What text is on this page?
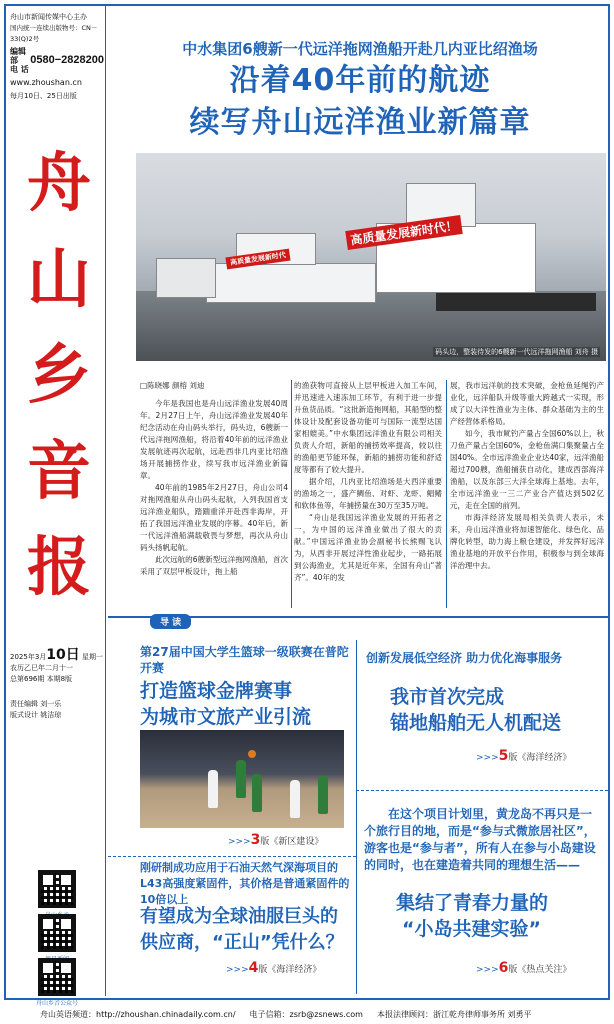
舟山市新闻传媒中心主办
国内统一连续出版物号：CN－33(Q)2号
编辑部
电 话
0580−2828200
www.zhoushan.cn
每月10日、25日出版
舟
山
乡
音
报
2025年3月10日 星期一
农历乙巳年二月十一
总第696期 本期8版
责任编辑 刘一乐
版式设计 姚洁琼
舟山乡音公众号
中水集团6艘新一代远洋拖网渔船开赴几内亚比绍渔场
沿着40年前的航迹
续写舟山远洋渔业新篇章
高质量发展新时代！
高质量发展新时代
码头边，整装待发的6艘新一代远洋拖网渔船 刘舟 摄
□陈晓娜 颜榕 刘迪

今年是我国也是舟山远洋渔业发展40周年。2月27日上午，舟山远洋渔业发展40年纪念活动在舟山码头举行，码头边，6艘新一代远洋拖网渔船，将沿着40年前的远洋渔业发展航迹再次起航，远赴西非几内亚比绍渔场开展捕捞作业，续写我市远洋渔业新篇章。

40年前的1985年2月27日，舟山公司4对拖网渔船从舟山码头起航，入列我国首支远洋渔业船队，踏踹重洋开赴西非海岸，开拓了我国远洋渔业发展的序幕。40年后，新一代远洋渔船满载敬畏与梦想，再次从舟山码头扬帆起航。

此次远航的6艘新型远洋拖网渔船，首次采用了双层甲板设计，拖上船

的渔获物可直接从上层甲板进入加工车间，并迅速进入速冻加工环节，有利于进一步提升鱼货品质。“这批新造拖网船，其船型的整体设计及配套设备功能可与国际一流型达国家相媲美。”中水集团远洋渔业有限公司相关负责人介绍，新船的捕捞效率提高，较以往的渔船更节能环保，新船的捕捞功能和舒适度等都有了较大提升。

据介绍，几内亚比绍渔场是大西洋重要的渔场之一，盛产鲷鱼、对虾、龙虾、鲳鳍和软体鱼等，年捕捞量在30万至35万吨。

“舟山是我国远洋渔业发展的开拓者之一，为中国的远洋渔业做出了很大的贡献。”中国远洋渔业协会副秘书长熊赐飞认为，从西非开展过洋性渔业起步，一路拓展到公海渔业，尤其是近年来，全国有舟山“著齐”。40年的发

展，我市远洋航的技术突破，金枪鱼延绳钓产业化，远洋船队升级等重大跨越式一实现，形成了以大洋性渔业为主体、群众基础为主的生产经营体系格局。

如今，我市鱿钓产量占全国60%以上，秋刀鱼产量占全国60%，金枪鱼满口集聚量占全国40%。全市远洋渔业企业达40家，远洋渔船超过700艘，渔船捕获自动化，建成西部海洋渔船，以及东部三大洋全球海上基地。去年，全市远洋渔业一三二产业合产值达到502亿元，走在全国的前列。

市海洋经济发展局相关负责人表示，未来，舟山远洋渔业将加速智能化、绿色化、品牌化转型，助力海上粮仓建设，并发挥好远洋渔业基地的开放平台作用，积极参与到全球海洋治理中去。

导 读
第27届中国大学生篮球一级联赛在普陀开赛
打造篮球金牌赛事
为城市文旅产业引流
>>>3版《新区建设》
创新发展低空经济 助力优化海事服务
我市首次完成
锚地船舶无人机配送
>>>5版《海洋经济》
刚研制成功应用于石油天然气深海项目的L43高强度紧固件，其价格是普通紧固件的10倍以上
有望成为全球油服巨头的
供应商，“正山”凭什么？
>>>4版《海洋经济》
在这个项目计划里，黄龙岛不再只是一个旅行目的地，而是“参与式微旅居社区”，游客也是“参与者”，所有人在参与小岛建设的同时，也在建造着共同的理想生活——
集结了青春力量的
“小岛共建实验”
>>>6版《热点关注》
舟山英语频道：http://zhoushan.chinadaily.com.cn/ 电子信箱：zsrb@zsnews.com 本报法律顾问：浙江乾舟律师事务所 刘勇平
